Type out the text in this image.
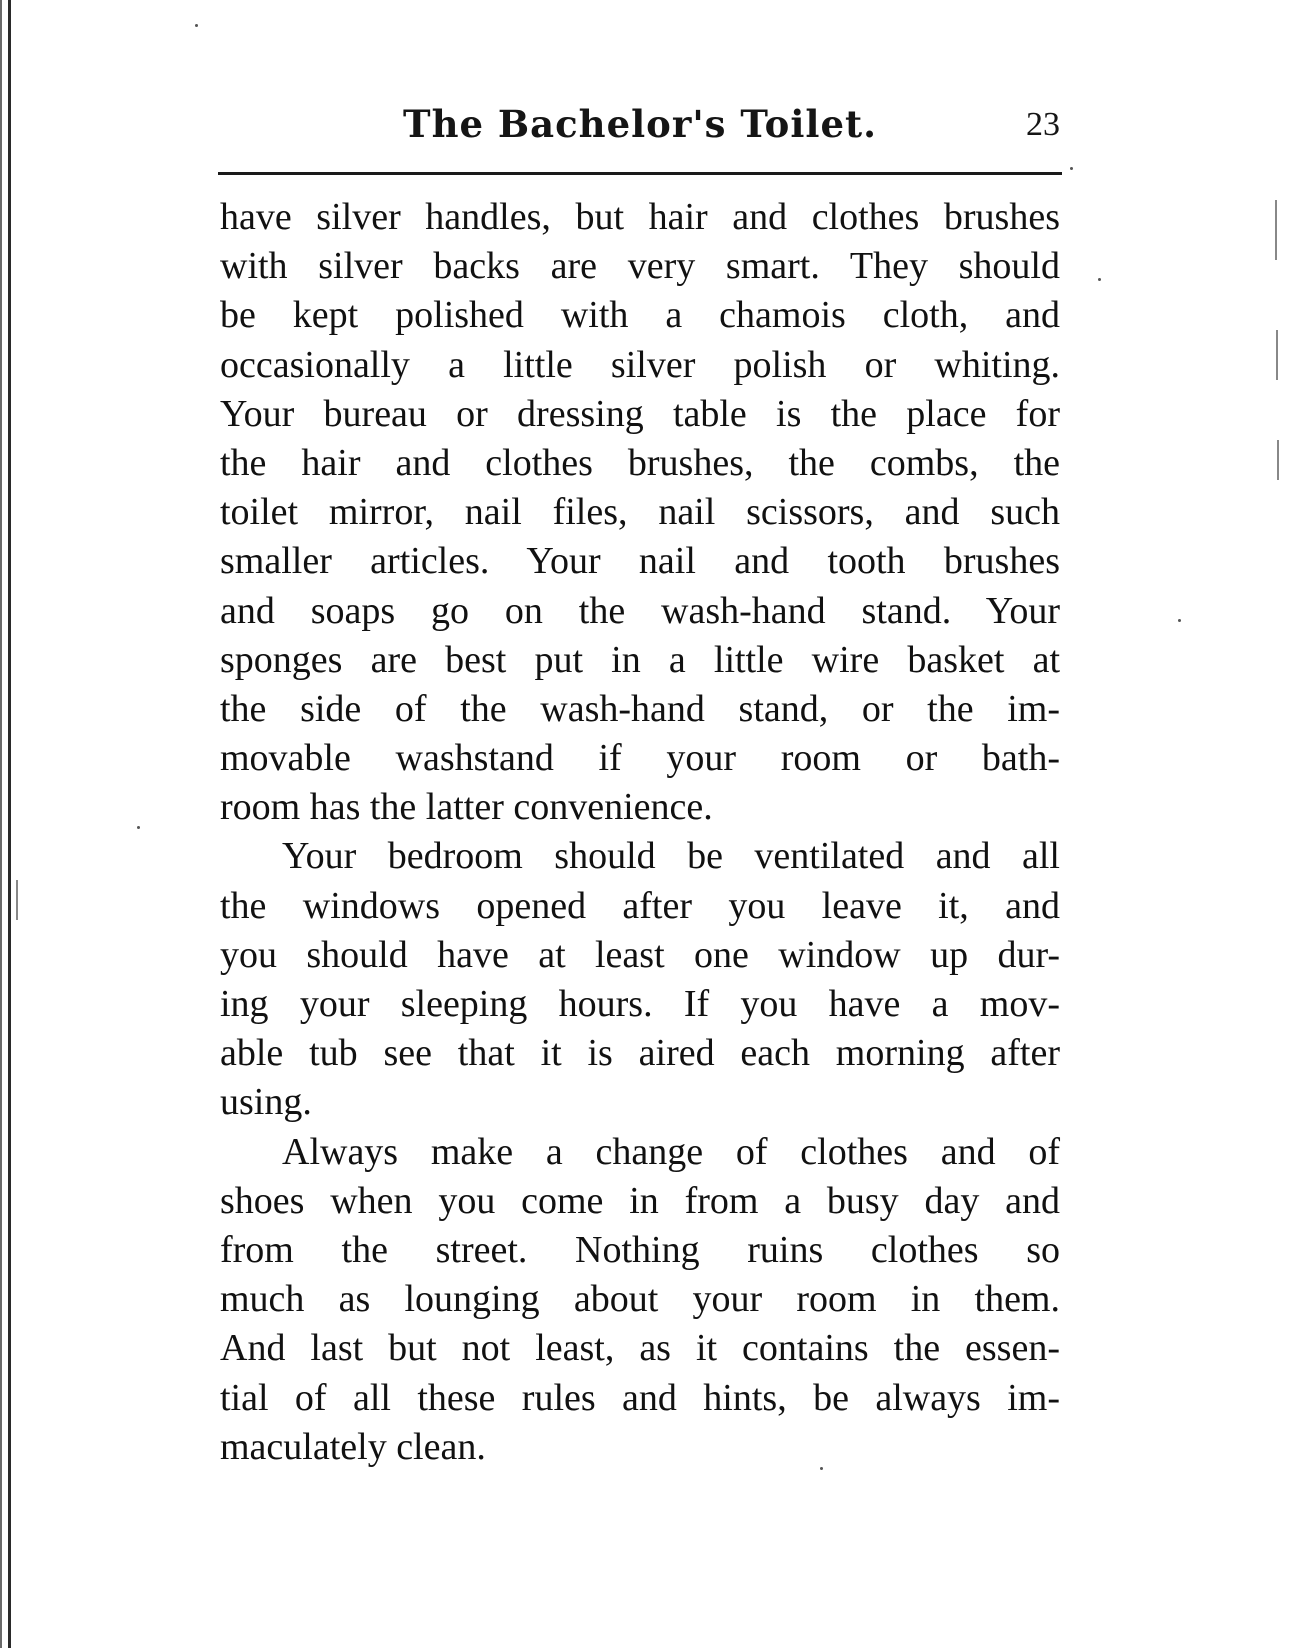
The Bachelor's Toilet.	23
have silver handles, but hair and clothes brushes
with silver backs are very smart. They should
be kept polished with a chamois cloth, and
occasionally a little silver polish or whiting.
Your bureau or dressing table is the place for
the hair and clothes brushes, the combs, the
toilet mirror, nail files, nail scissors, and such
smaller articles. Your nail and tooth brushes
and soaps go on the wash-hand stand. Your
sponges are best put in a little wire basket at
the side of the wash-hand stand, or the im-
movable washstand if your room or bath-
room has the latter convenience.
Your bedroom should be ventilated and all
the windows opened after you leave it, and
you should have at least one window up dur-
ing your sleeping hours. If you have a mov-
able tub see that it is aired each morning after
using.
Always make a change of clothes and of
shoes when you come in from a busy day and
from the street. Nothing ruins clothes so
much as lounging about your room in them.
And last but not least, as it contains the essen-
tial of all these rules and hints, be always im-
maculately clean.
